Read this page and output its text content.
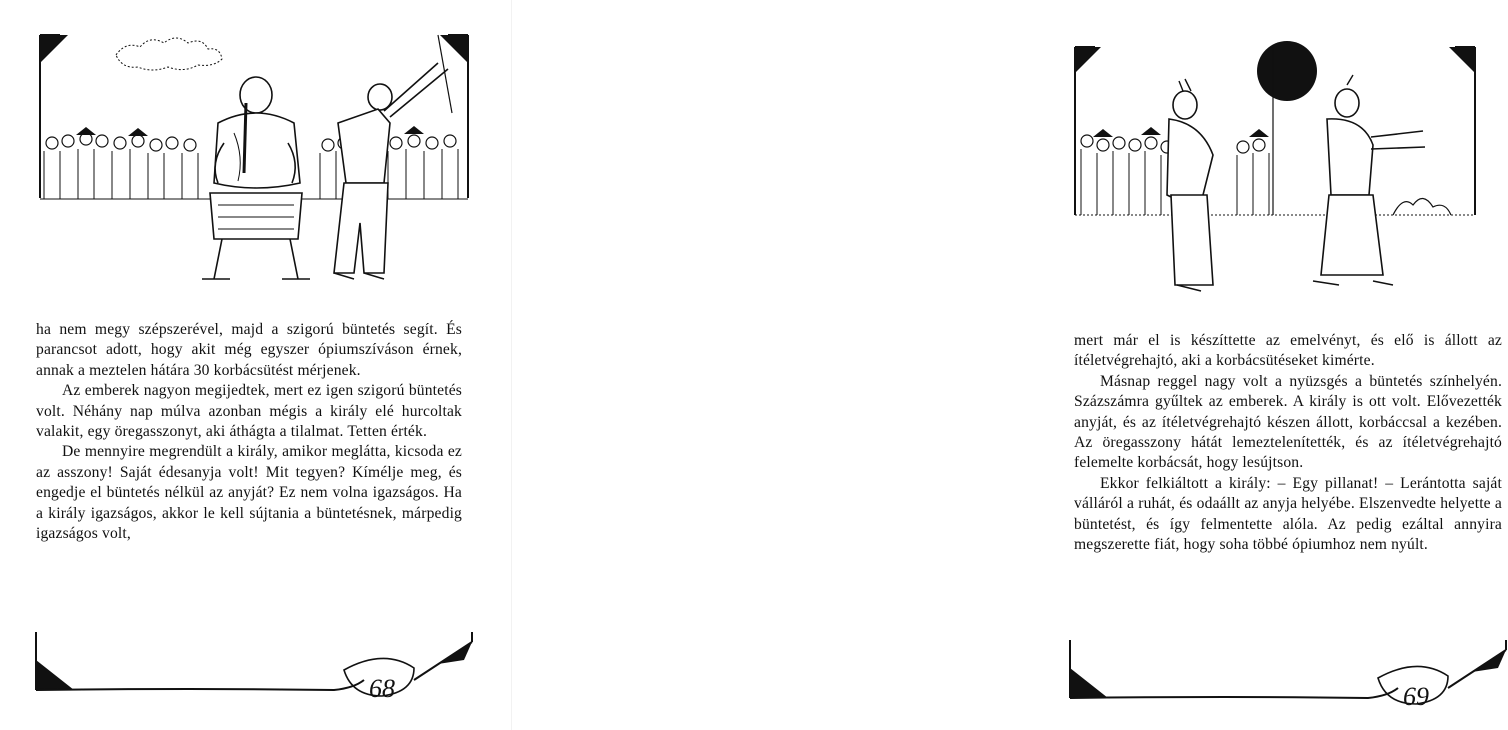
ha nem megy szépszerével, majd a szigorú büntetés segít. És parancsot adott, hogy akit még egyszer ópiumszíváson érnek, annak a meztelen hátára 30 korbácsütést mérjenek.

Az emberek nagyon megijedtek, mert ez igen szigorú büntetés volt. Néhány nap múlva azonban mégis a király elé hurcoltak valakit, egy öregasszonyt, aki áthágta a tilalmat. Tetten érték.

De mennyire megrendült a király, amikor meglátta, kicsoda ez az asszony! Saját édesanyja volt! Mit tegyen? Kímélje meg, és engedje el büntetés nélkül az anyját? Ez nem volna igazságos. Ha a király igazságos, akkor le kell sújtania a büntetésnek, márpedig igazságos volt,

68

mert már el is készíttette az emelvényt, és elő is állott az ítéletvégrehajtó, aki a korbácsütéseket kimérte.

Másnap reggel nagy volt a nyüzsgés a büntetés színhelyén. Százszámra gyűltek az emberek. A király is ott volt. Elővezették anyját, és az ítéletvégrehajtó készen állott, korbáccsal a kezében. Az öregasszony hátát lemeztelenítették, és az ítéletvégrehajtó felemelte korbácsát, hogy lesújtson.

Ekkor felkiáltott a király: – Egy pillanat! – Lerántotta saját válláról a ruhát, és odaállt az anyja helyébe. Elszenvedte helyette a büntetést, és így felmentette alóla. Az pedig ezáltal annyira megszerette fiát, hogy soha többé ópiumhoz nem nyúlt.

69
